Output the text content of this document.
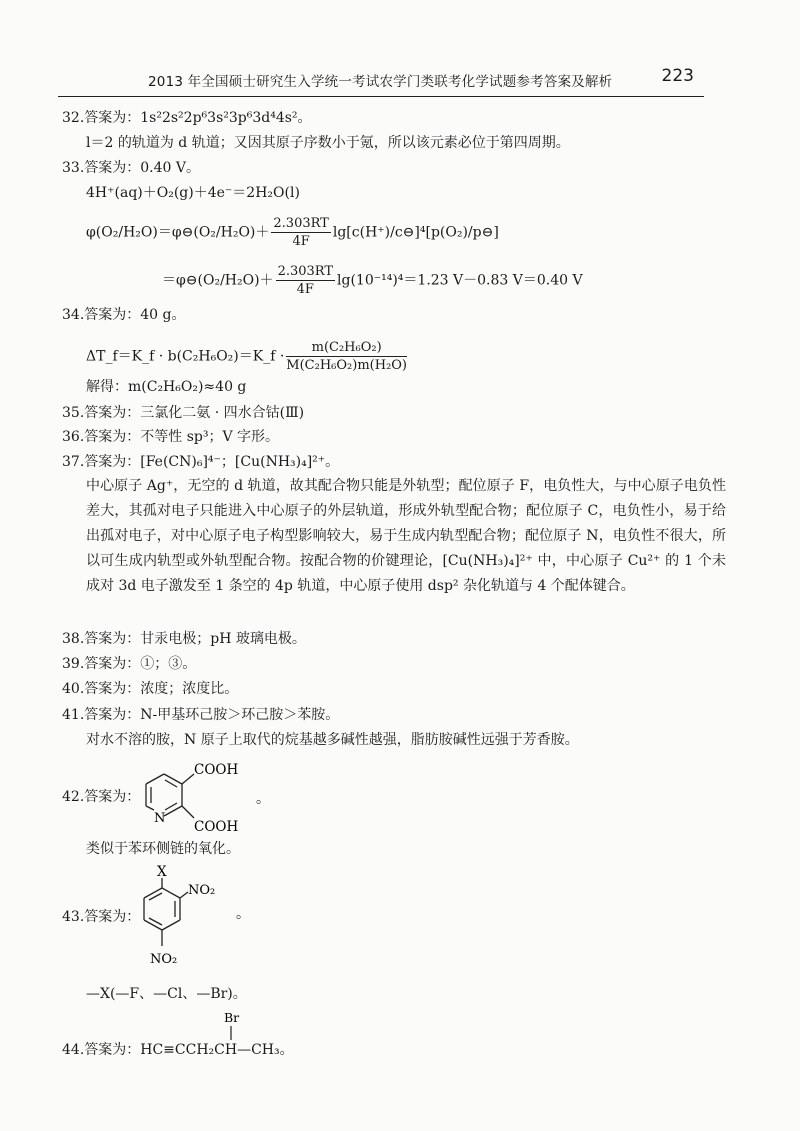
2013 年全国硕士研究生入学统一考试农学门类联考化学试题参考答案及解析	223
32.答案为：1s²2s²2p⁶3s²3p⁶3d⁴4s²。
l＝2 的轨道为 d 轨道；又因其原子序数小于氪，所以该元素必位于第四周期。
33.答案为：0.40 V。
4H⁺(aq)＋O₂(g)＋4e⁻＝2H₂O(l)
φ(O₂/H₂O)＝φ⊖(O₂/H₂O)＋ $\frac{2.303RT}{4F}$ lg[c(H⁺)/c⊖]⁴[p(O₂)/p⊖]
＝φ⊖(O₂/H₂O)＋ $\frac{2.303RT}{4F} \lg(10^{-14})^4=1.23$ V－0.83 V＝0.40 V
34.答案为：40 g。
ΔT_f＝K_f · b(C₂H₆O₂)＝K_f · $\frac{\text{m(C₂H₆O₂)}}{\text{M(C₂H₆O₂)m(H₂O)}}$
解得：m(C₂H₆O₂)≈40 g
35.答案为：三氯化二氨 · 四水合钴(Ⅲ)
36.答案为：不等性 sp³；V 字形。
37.答案为：[Fe(CN)₆]⁴⁻；[Cu(NH₃)₄]²⁺。
中心原子 Ag⁺，无空的 d 轨道，故其配合物只能是外轨型；配位原子 F，电负性大，与中心原子电负性差大，其孤对电子只能进入中心原子的外层轨道，形成外轨型配合物；配位原子 C，电负性小，易于给出孤对电子，对中心原子电子构型影响较大，易于生成内轨型配合物；配位原子 N，电负性不很大，所以可生成内轨型或外轨型配合物。按配合物的价键理论，[Cu(NH₃)₄]²⁺ 中，中心原子 Cu²⁺ 的 1 个未成对 3d 电子激发至 1 条空的 4p 轨道，中心原子使用 dsp² 杂化轨道与 4 个配体键合。
38.答案为：甘汞电极；pH 玻璃电极。
39.答案为：①；③。
40.答案为：浓度；浓度比。
41.答案为：N-甲基环己胺＞环己胺＞苯胺。
对水不溶的胺，N 原子上取代的烷基越多碱性越强，脂肪胺碱性远强于芳香胺。
42.答案为：
N
COOH
COOH
。
类似于苯环侧链的氧化。
43.答案为：
X
NO₂
NO₂
。
—X(—F、—Cl、—Br)。
Br
44.答案为：HC≡CCH₂CH—CH₃。
